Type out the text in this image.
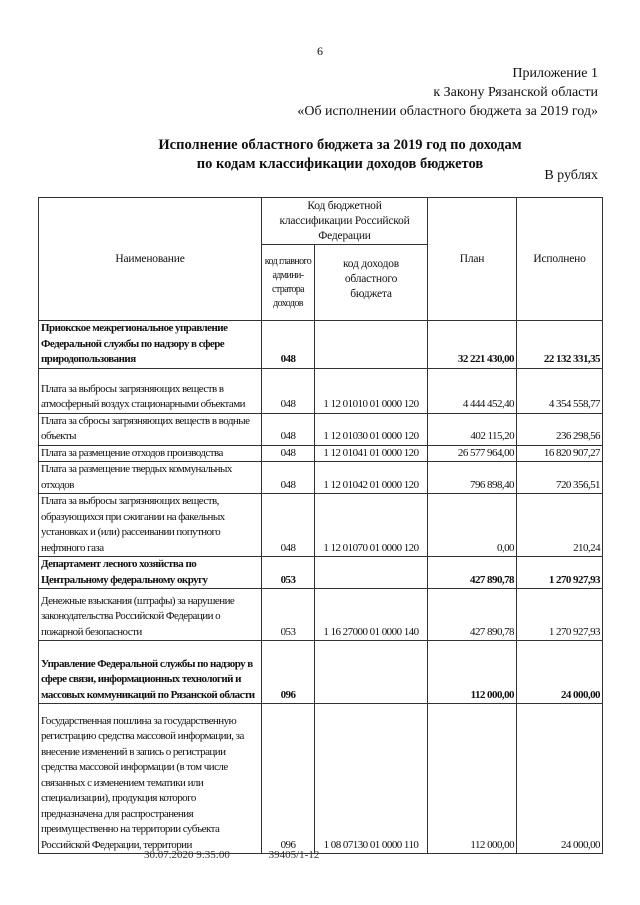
6
Приложение 1
к Закону Рязанской области
«Об исполнении областного бюджета за 2019 год»
Исполнение областного бюджета за 2019 год по доходам
по кодам классификации доходов бюджетов
В рублях
Наименование	Код бюджетной классификации Российской Федерации		План	Исполнено
	код главного админи-стратора доходов	код доходов областного бюджета		
Приокское межрегиональное управление Федеральной службы по надзору в сфере природопользования	048		32 221 430,00	22 132 331,35
Плата за выбросы загрязняющих веществ в атмосферный воздух стационарными объектами	048	1 12 01010 01 0000 120	4 444 452,40	4 354 558,77
Плата за сбросы загрязняющих веществ в водные объекты	048	1 12 01030 01 0000 120	402 115,20	236 298,56
Плата за размещение отходов производства	048	1 12 01041 01 0000 120	26 577 964,00	16 820 907,27
Плата за размещение твердых коммунальных отходов	048	1 12 01042 01 0000 120	796 898,40	720 356,51
Плата за выбросы загрязняющих веществ, образующихся при сжигании на факельных установках и (или) рассеивании попутного нефтяного газа	048	1 12 01070 01 0000 120	0,00	210,24
Департамент лесного хозяйства по Центральному федеральному округу	053		427 890,78	1 270 927,93
Денежные взыскания (штрафы) за нарушение законодательства Российской Федерации о пожарной безопасности	053	1 16 27000 01 0000 140	427 890,78	1 270 927,93
Управление Федеральной службы по надзору в сфере связи, информационных технологий и массовых коммуникаций по Рязанской области	096		112 000,00	24 000,00
Государственная пошлина за государственную регистрацию средства массовой информации, за внесение изменений в запись о регистрации средства массовой информации (в том числе связанных с изменением тематики или специализации), продукция которого предназначена для распространения преимущественно на территории субъекта Российской Федерации, территории	096	1 08 07130 01 0000 110	112 000,00	24 000,00
30.07.2020 9:35:00	39405/1-12
